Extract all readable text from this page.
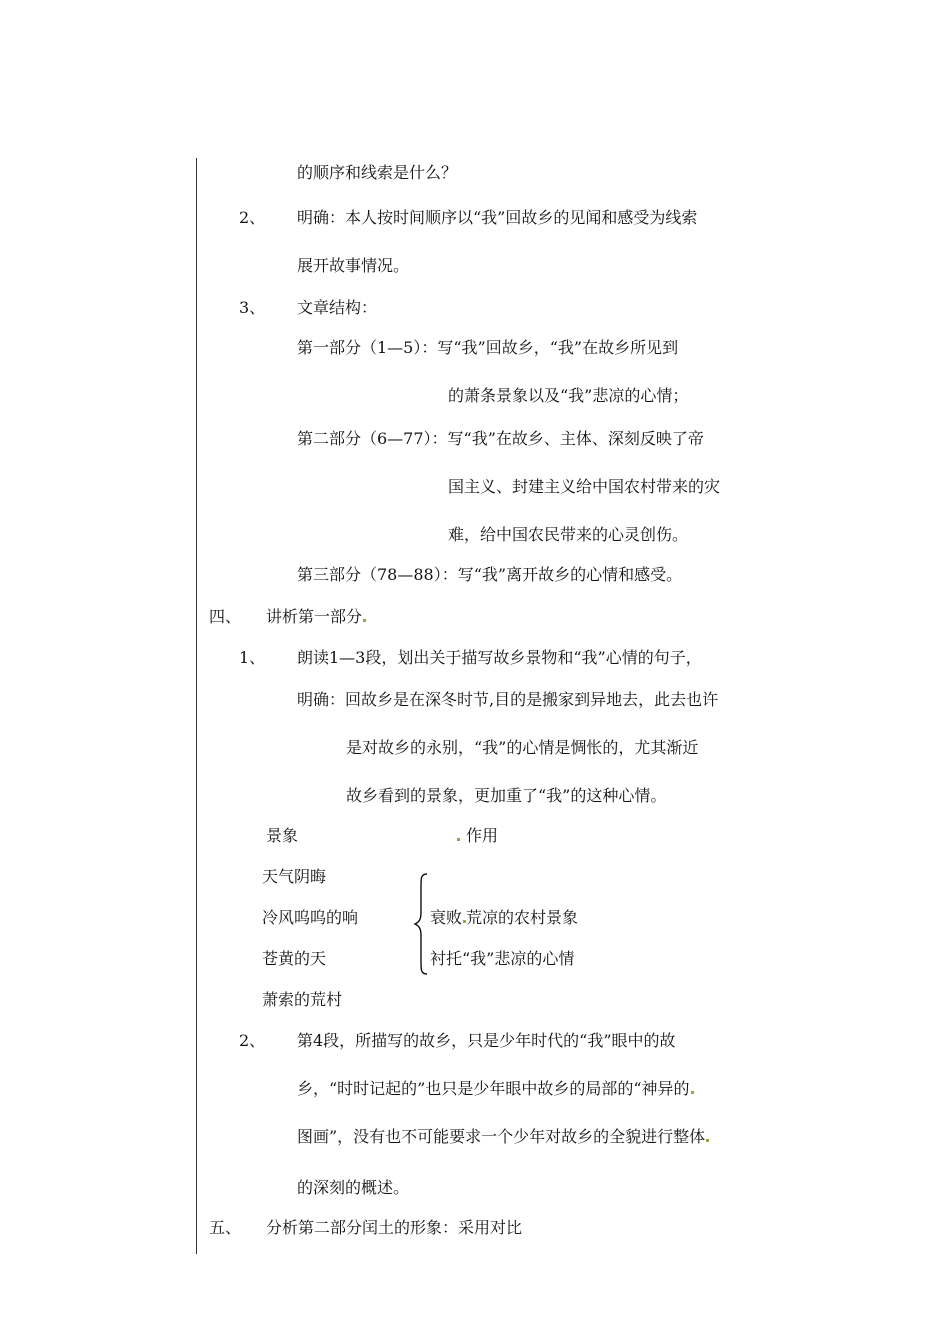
的顺序和线索是什么？
2、 明确：本人按时间顺序以“我”回故乡的见闻和感受为线索
展开故事情况。
3、 文章结构：
第一部分（1—5）：写“我”回故乡，“我”在故乡所见到
的萧条景象以及“我”悲凉的心情；
第二部分（6—77）：写“我”在故乡、主体、深刻反映了帝
国主义、封建主义给中国农村带来的灾
难，给中国农民带来的心灵创伤。
第三部分（78—88）：写“我”离开故乡的心情和感受。
四、 讲析第一部分
1、 朗读1—3段，划出关于描写故乡景物和“我”心情的句子，
明确：回故乡是在深冬时节,目的是搬家到异地去，此去也许
是对故乡的永别，“我”的心情是惆怅的，尤其渐近
故乡看到的景象，更加重了“我”的这种心情。
景象	作用
天气阴晦
冷风呜呜的响
苍黄的天
萧索的荒村
衰败 荒凉的农村景象
衬托“我”悲凉的心情
2、 第4段，所描写的故乡，只是少年时代的“我”眼中的故
乡，“时时记起的”也只是少年眼中故乡的局部的“神异的
图画”，没有也不可能要求一个少年对故乡的全貌进行整体
的深刻的概述。
五、 分析第二部分闰土的形象：采用对比
